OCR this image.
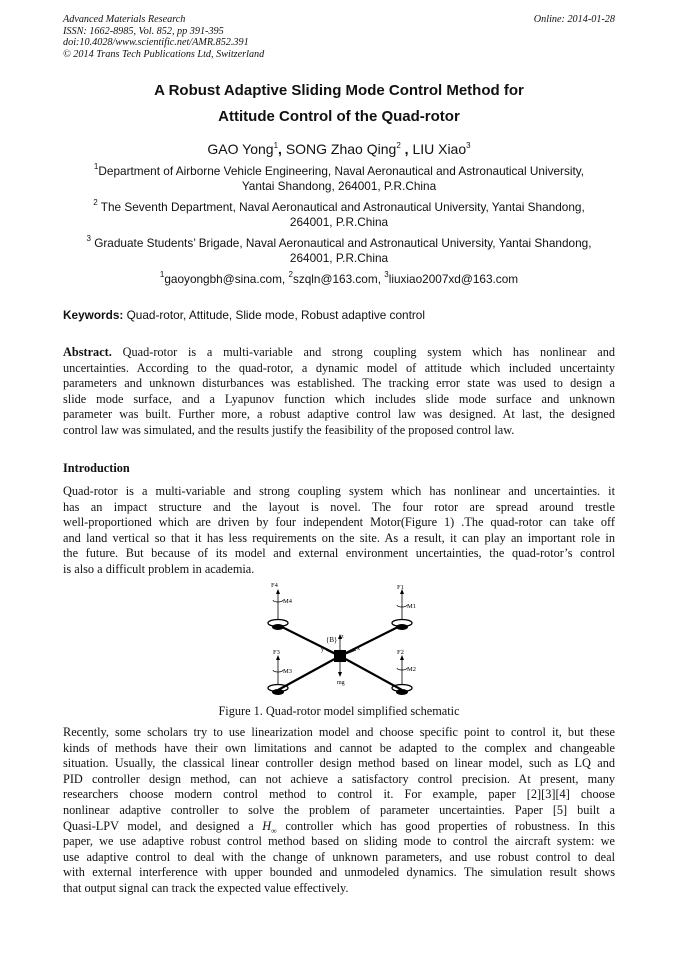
Advanced Materials Research
ISSN: 1662-8985, Vol. 852, pp 391-395
doi:10.4028/www.scientific.net/AMR.852.391
© 2014 Trans Tech Publications Ltd, Switzerland
Online: 2014-01-28
A Robust Adaptive Sliding Mode Control Method for
Attitude Control of the Quad-rotor
GAO Yong$^1$, SONG Zhao Qing$^2$ , LIU Xiao$^3$
$^1$Department of Airborne Vehicle Engineering, Naval Aeronautical and Astronautical University,
Yantai Shandong, 264001, P.R.China
$^2$ The Seventh Department, Naval Aeronautical and Astronautical University, Yantai Shandong,
264001, P.R.China
$^3$ Graduate Students’ Brigade, Naval Aeronautical and Astronautical University, Yantai Shandong,
264001, P.R.China
$^1$gaoyongbh@sina.com, $^2$szqln@163.com, $^3$liuxiao2007xd@163.com
Keywords: Quad-rotor, Attitude, Slide mode, Robust adaptive control
Abstract. Quad-rotor is a multi-variable and strong coupling system which has nonlinear and
uncertainties. According to the quad-rotor, a dynamic model of attitude which included uncertainty
parameters and unknown disturbances was established. The tracking error state was used to design a
slide mode surface, and a Lyapunov function which includes slide mode surface and unknown
parameter was built. Further more, a robust adaptive control law was designed. At last, the designed
control law was simulated, and the results justify the feasibility of the proposed control law.
Introduction
Quad-rotor is a multi-variable and strong coupling system which has nonlinear and uncertainties. it
has an impact structure and the layout is novel. The four rotor are spread around trestle
well-proportioned which are driven by four independent Motor(Figure 1) .The quad-rotor can take off
and land vertical so that it has less requirements on the site. As a result, it can play an important role in
the future. But because of its model and external environment uncertainties, the quad-rotor’s control
is also a difficult problem in academia.
{B} z
x
y
mg
F4
M4
F1
M1
F3
M3
F2
M2
Figure 1. Quad-rotor model simplified schematic
Recently, some scholars try to use linearization model and choose specific point to control it, but these
kinds of methods have their own limitations and cannot be adapted to the complex and changeable
situation. Usually, the classical linear controller design method based on linear model, such as LQ and
PID controller design method, can not achieve a satisfactory control precision. At present, many
researchers choose modern control method to control it. For example, paper [2][3][4] choose
nonlinear adaptive controller to solve the problem of parameter uncertainties. Paper [5] built a
Quasi-LPV model, and designed a $H_\infty$ controller which has good properties of robustness. In this
paper, we use adaptive robust control method based on sliding mode to control the aircraft system: we
use adaptive control to deal with the change of unknown parameters, and use robust control to deal
with external interference with upper bounded and unmodeled dynamics. The simulation result shows
that output signal can track the expected value effectively.
